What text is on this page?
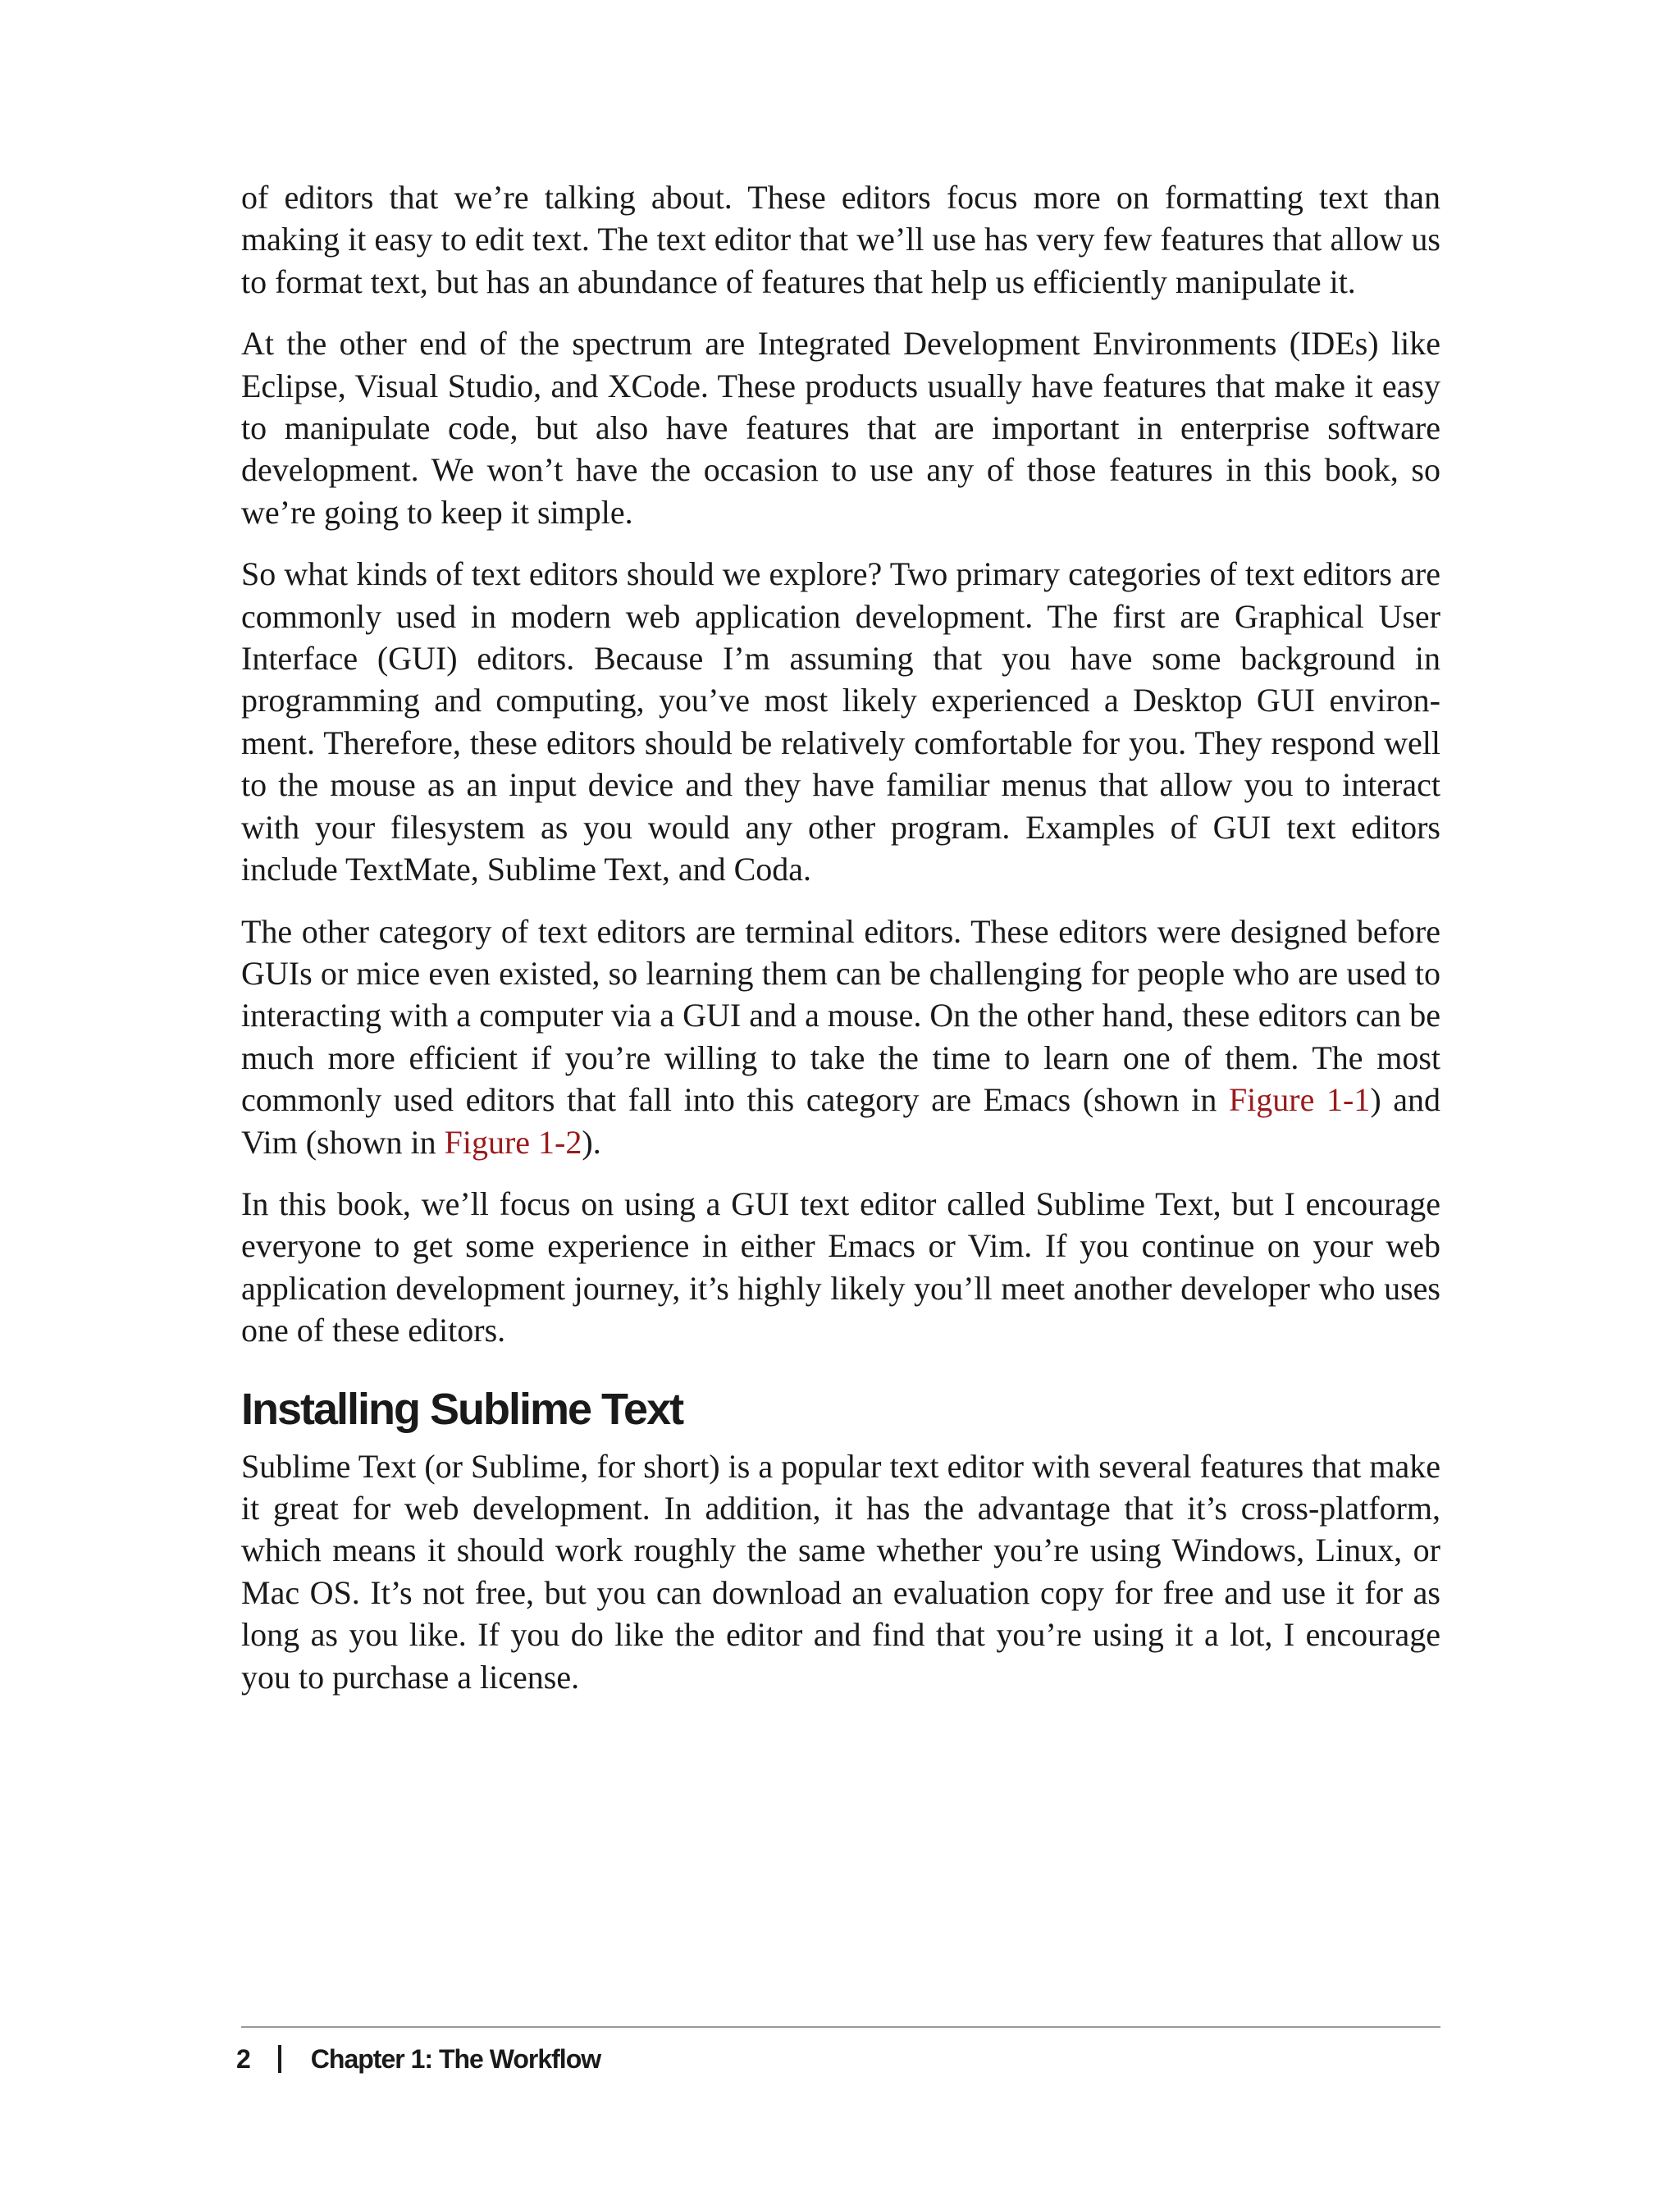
of editors that we’re talking about. These editors focus more on formatting text than making it easy to edit text. The text editor that we’ll use has very few features that allow us to format text, but has an abundance of features that help us efficiently manipulate it.

At the other end of the spectrum are Integrated Development Environments (IDEs) like Eclipse, Visual Studio, and XCode. These products usually have features that make it easy to manipulate code, but also have features that are important in enterprise software development. We won’t have the occasion to use any of those features in this book, so we’re going to keep it simple.

So what kinds of text editors should we explore? Two primary categories of text editors are commonly used in modern web application development. The first are Graphical User Interface (GUI) editors. Because I’m assuming that you have some background in programming and computing, you’ve most likely experienced a Desktop GUI environment. Therefore, these editors should be relatively comfortable for you. They respond well to the mouse as an input device and they have familiar menus that allow you to interact with your filesystem as you would any other program. Examples of GUI text editors include TextMate, Sublime Text, and Coda.

The other category of text editors are terminal editors. These editors were designed before GUIs or mice even existed, so learning them can be challenging for people who are used to interacting with a computer via a GUI and a mouse. On the other hand, these editors can be much more efficient if you’re willing to take the time to learn one of them. The most commonly used editors that fall into this category are Emacs (shown in Figure 1-1) and Vim (shown in Figure 1-2).

In this book, we’ll focus on using a GUI text editor called Sublime Text, but I encourage everyone to get some experience in either Emacs or Vim. If you continue on your web application development journey, it’s highly likely you’ll meet another developer who uses one of these editors.

Installing Sublime Text

Sublime Text (or Sublime, for short) is a popular text editor with several features that make it great for web development. In addition, it has the advantage that it’s cross-platform, which means it should work roughly the same whether you’re using Windows, Linux, or Mac OS. It’s not free, but you can download an evaluation copy for free and use it for as long as you like. If you do like the editor and find that you’re using it a lot, I encourage you to purchase a license.

2 Chapter 1: The Workflow
